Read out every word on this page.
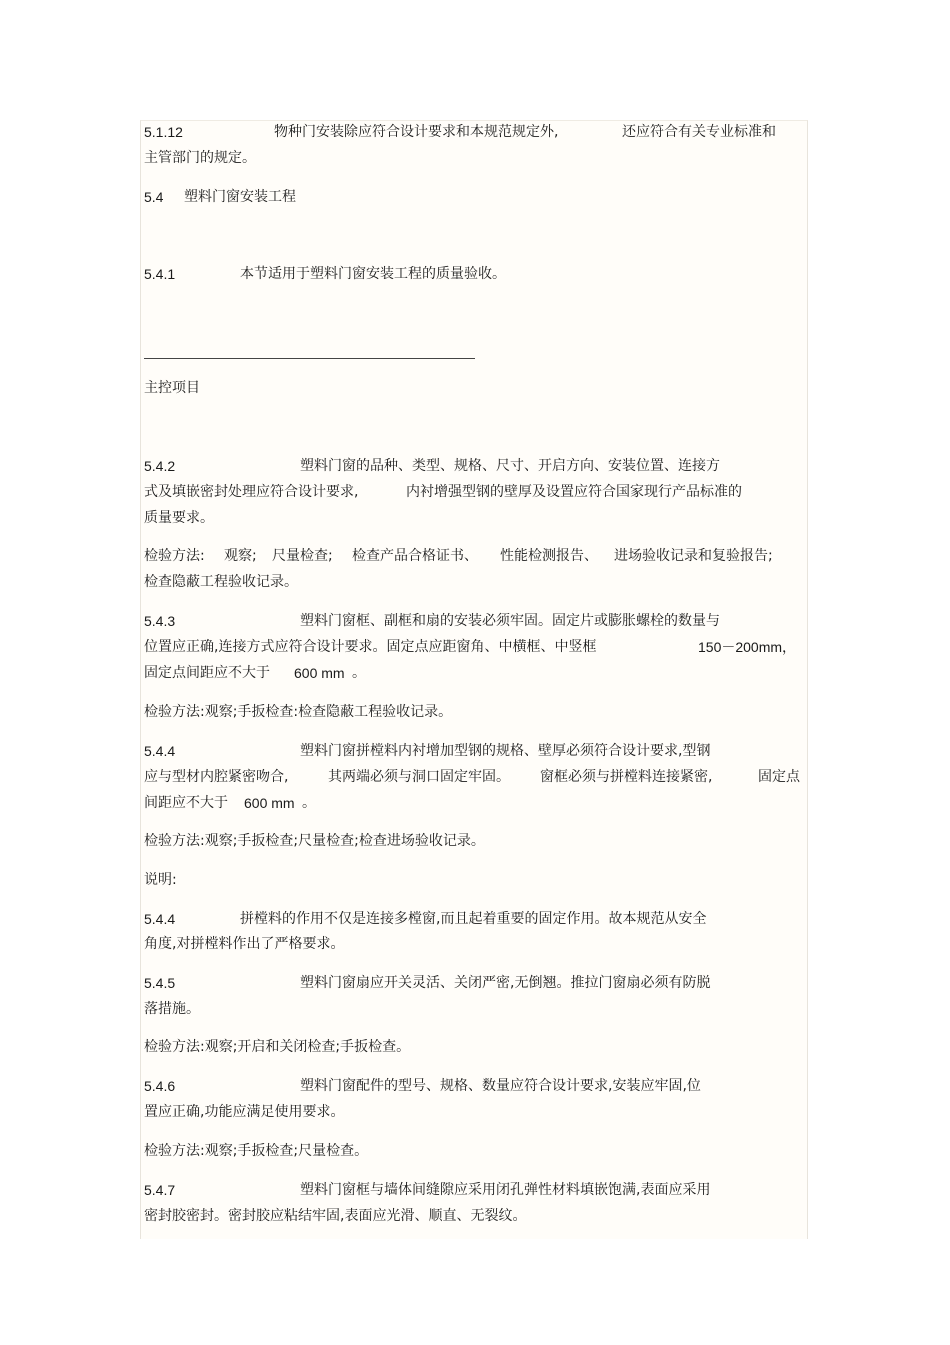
5.1.12	物种门安装除应符合设计要求和本规范规定外,	还应符合有关专业标准和
主管部门的规定。
5.4 塑料门窗安装工程
5.4.1	本节适用于塑料门窗安装工程的质量验收。
主控项目
5.4.2	塑料门窗的品种、类型、规格、尺寸、开启方向、安装位置、连接方
式及填嵌密封处理应符合设计要求,	内衬增强型钢的壁厚及设置应符合国家现行产品标准的
质量要求。
检验方法: 观察; 尺量检查; 检查产品合格证书、 性能检测报告、 进场验收记录和复验报告;
检查隐蔽工程验收记录。
5.4.3	塑料门窗框、副框和扇的安装必须牢固。固定片或膨胀螺栓的数量与
位置应正确,连接方式应符合设计要求。固定点应距窗角、中横框、中竖框	150－200mm，
固定点间距应不大于 600 mm 。
检验方法:观察;手扳检查:检查隐蔽工程验收记录。
5.4.4	塑料门窗拼樘料内衬增加型钢的规格、壁厚必须符合设计要求,型钢
应与型材内腔紧密吻合,	其两端必须与洞口固定牢固。 窗框必须与拼樘料连接紧密,	固定点
间距应不大于 600 mm 。
检验方法:观察;手扳检查;尺量检查;检查进场验收记录。
说明:
5.4.4	拼樘料的作用不仅是连接多樘窗,而且起着重要的固定作用。故本规范从安全
角度,对拼樘料作出了严格要求。
5.4.5	塑料门窗扇应开关灵活、关闭严密,无倒翘。推拉门窗扇必须有防脱
落措施。
检验方法:观察;开启和关闭检查;手扳检查。
5.4.6	塑料门窗配件的型号、规格、数量应符合设计要求,安装应牢固,位
置应正确,功能应满足使用要求。
检验方法:观察;手扳检查;尺量检查。
5.4.7	塑料门窗框与墙体间缝隙应采用闭孔弹性材料填嵌饱满,表面应采用
密封胶密封。密封胶应粘结牢固,表面应光滑、顺直、无裂纹。
